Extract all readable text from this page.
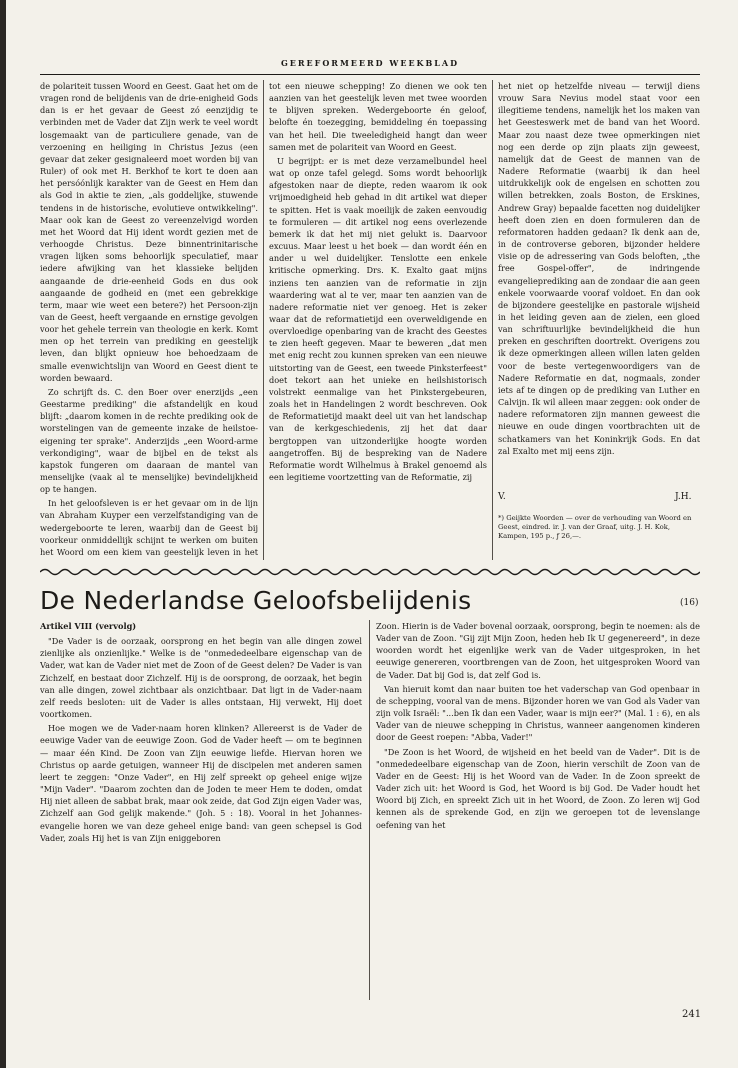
GEREFORMEERD WEEKBLAD

de polariteit tussen Woord en Geest. Gaat het om de vragen rond de belijdenis van de drie-enigheid Gods dan is er het gevaar de Geest zó eenzijdig te verbinden met de Vader dat Zijn werk te veel wordt losgemaakt van de particuliere genade, van de verzoening en heiliging in Christus Jezus (een gevaar dat zeker gesignaleerd moet worden bij van Ruler) of ook met H. Berkhof te kort te doen aan het persóónlijk karakter van de Geest en Hem dan als God in aktie te zien, „als goddelijke, stuwende tendens in de historische, evolutieve ontwikkeling". Maar ook kan de Geest zo vereenzelvigd worden met het Woord dat Hij ident wordt gezien met de verhoogde Christus. Deze binnentrinitarische vragen lijken soms behoorlijk speculatief, maar iedere afwijking van het klassieke belijden aangaande de drie-eenheid Gods en dus ook aangaande de godheid en (met een gebrekkige term, maar wie weet een betere?) het Persoon-zijn van de Geest, heeft vergaande en ernstige gevolgen voor het gehele terrein van theologie en kerk. Komt men op het terrein van prediking en geestelijk leven, dan blijkt opnieuw hoe behoedzaam de smalle evenwichtslijn van Woord en Geest dient te worden bewaard.

Zo schrijft ds. C. den Boer over enerzijds „een Geestarme prediking" die afstandelijk en koud blijft: „daarom komen in de rechte prediking ook de worstelingen van de gemeente inzake de heilstoe-eigening ter sprake". Anderzijds „een Woord-arme verkondiging", waar de bijbel en de tekst als kapstok fungeren om daaraan de mantel van menselijke (vaak al te menselijke) bevindelijkheid op te hangen.

In het geloofsleven is er het gevaar om in de lijn van Abraham Kuyper een verzelfstandiging van de wedergeboorte te leren, waarbij dan de Geest bij voorkeur onmiddellijk schijnt te werken om buiten het Woord om een kiem van geestelijk leven in het

tot een nieuwe schepping! Zo dienen we ook ten aanzien van het geestelijk leven met twee woorden te blijven spreken. Wedergeboorte én geloof, belofte én toezegging, bemiddeling én toepassing van het heil. Die tweeledigheid hangt dan weer samen met de polariteit van Woord en Geest.

U begrijpt: er is met deze verzamelbundel heel wat op onze tafel gelegd. Soms wordt behoorlijk afgestoken naar de diepte, reden waarom ik ook vrijmoedigheid heb gehad in dit artikel wat dieper te spitten. Het is vaak moeilijk de zaken eenvoudig te formuleren — dit artikel nog eens overlezende bemerk ik dat het mij niet gelukt is. Daarvoor excuus. Maar leest u het boek — dan wordt één en ander u wel duidelijker. Tenslotte een enkele kritische opmerking. Drs. K. Exalto gaat mijns inziens ten aanzien van de reformatie in zijn waardering wat al te ver, maar ten aanzien van de nadere reformatie niet ver genoeg. Het is zeker waar dat de reformatietijd een overweldigende en overvloedige openbaring van de kracht des Geestes te zien heeft gegeven. Maar te beweren „dat men met enig recht zou kunnen spreken van een nieuwe uitstorting van de Geest, een tweede Pinksterfeest" doet tekort aan het unieke en heilshistorisch volstrekt eenmalige van het Pinkstergebeuren, zoals het in Handelingen 2 wordt beschreven. Ook de Reformatietijd maakt deel uit van het landschap van de kerkgeschiedenis, zij het dat daar bergtoppen van uitzonderlijke hoogte worden aangetroffen. Bij de bespreking van de Nadere Reformatie wordt Wilhelmus à Brakel genoemd als een legitieme voortzetting van de Reformatie, zij

het niet op hetzelfde niveau — terwijl diens vrouw Sara Nevius model staat voor een illegitieme tendens, namelijk het los maken van het Geesteswerk met de band van het Woord. Maar zou naast deze twee opmerkingen niet nog een derde op zijn plaats zijn geweest, namelijk dat de Geest de mannen van de Nadere Reformatie (waarbij ik dan heel uitdrukkelijk ook de engelsen en schotten zou willen betrekken, zoals Boston, de Erskines, Andrew Gray) bepaalde facetten nog duidelijker heeft doen zien en doen formuleren dan de reformatoren hadden gedaan? Ik denk aan de, in de controverse geboren, bijzonder heldere visie op de adressering van Gods beloften, „the free Gospel-offer", de indringende evangelieprediking aan de zondaar die aan geen enkele voorwaarde vooraf voldoet. En dan ook de bijzondere geestelijke en pastorale wijsheid in het leiding geven aan de zielen, een gloed van schriftuurlijke bevindelijkheid die hun preken en geschriften doortrekt. Overigens zou ik deze opmerkingen alleen willen laten gelden voor de beste vertegenwoordigers van de Nadere Reformatie en dat, nogmaals, zonder iets af te dingen op de prediking van Luther en Calvijn. Ik wil alleen maar zeggen: ook onder de nadere reformatoren zijn mannen geweest die nieuwe en oude dingen voortbrachten uit de schatkamers van het Koninkrijk Gods. En dat zal Exalto met mij eens zijn.

V.	J.H.
*) Geijkte Woorden — over de verhouding van Woord en Geest, eindred. ir. J. van der Graaf, uitg. J. H. Kok, Kampen, 195 p., ƒ 26,—.
De Nederlandse Geloofsbelijdenis	(16)
Artikel VIII (vervolg)

"De Vader is de oorzaak, oorsprong en het begin van alle dingen zowel zienlijke als onzienlijke." Welke is de "onmededeelbare eigenschap van de Vader, wat kan de Vader niet met de Zoon of de Geest delen? De Vader is van Zichzelf, en bestaat door Zichzelf. Hij is de oorsprong, de oorzaak, het begin van alle dingen, zowel zichtbaar als onzichtbaar. Dat ligt in de Vader-naam zelf reeds besloten: uit de Vader is alles ontstaan, Hij verwekt, Hij doet voortkomen.

Hoe mogen we de Vader-naam horen klinken? Allereerst is de Vader de eeuwige Vader van de eeuwige Zoon. God de Vader heeft — om te beginnen — maar één Kind. De Zoon van Zijn eeuwige liefde. Hiervan horen we Christus op aarde getuigen, wanneer Hij de discipelen met anderen samen leert te zeggen: "Onze Vader", en Hij zelf spreekt op geheel enige wijze "Mijn Vader". "Daarom zochten dan de Joden te meer Hem te doden, omdat Hij niet alleen de sabbat brak, maar ook zeide, dat God Zijn eigen Vader was, Zichzelf aan God gelijk makende." (Joh. 5 : 18). Vooral in het Johannes-evangelie horen we van deze geheel enige band: van geen schepsel is God Vader, zoals Hij het is van Zijn eniggeboren

Zoon. Hierin is de Vader bovenal oorzaak, oorsprong, begin te noemen: als de Vader van de Zoon. "Gij zijt Mijn Zoon, heden heb Ik U gegenereerd", in deze woorden wordt het eigenlijke werk van de Vader uitgesproken, in het eeuwige genereren, voortbrengen van de Zoon, het uitgesproken Woord van de Vader. Dat bij God is, dat zelf God is.

Van hieruit komt dan naar buiten toe het vaderschap van God openbaar in de schepping, vooral van de mens. Bijzonder horen we van God als Vader van zijn volk Israël: "...ben Ik dan een Vader, waar is mijn eer?" (Mal. 1 : 6), en als Vader van de nieuwe schepping in Christus, wanneer aangenomen kinderen door de Geest roepen: "Abba, Vader!"

"De Zoon is het Woord, de wijsheid en het beeld van de Vader". Dit is de "onmededeelbare eigenschap van de Zoon, hierin verschilt de Zoon van de Vader en de Geest: Hij is het Woord van de Vader. In de Zoon spreekt de Vader zich uit: het Woord is God, het Woord is bij God. De Vader houdt het Woord bij Zich, en spreekt Zich uit in het Woord, de Zoon. Zo leren wij God kennen als de sprekende God, en zijn we geroepen tot de levenslange oefening van het

241
